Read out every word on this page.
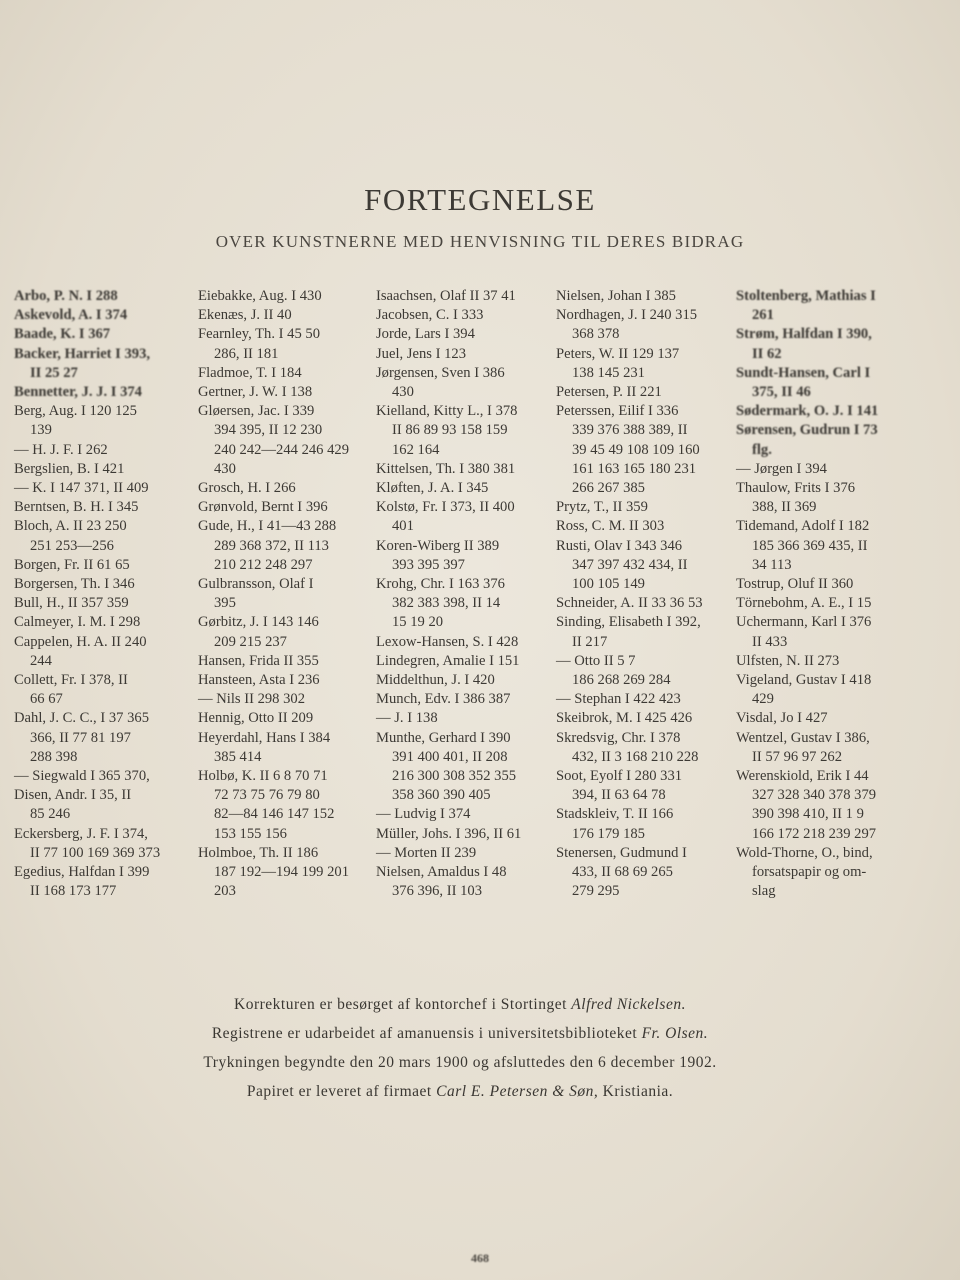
FORTEGNELSE
OVER KUNSTNERNE MED HENVISNING TIL DERES BIDRAG
Arbo, P. N. I 288
Askevold, A. I 374
Baade, K. I 367
Backer, Harriet I 393,
II 25 27
Bennetter, J. J. I 374
Berg, Aug. I 120 125
139
— H. J. F. I 262
Bergslien, B. I 421
— K. I 147 371, II 409
Berntsen, B. H. I 345
Bloch, A. II 23 250
251 253—256
Borgen, Fr. II 61 65
Borgersen, Th. I 346
Bull, H., II 357 359
Calmeyer, I. M. I 298
Cappelen, H. A. II 240
244
Collett, Fr. I 378, II
66 67
Dahl, J. C. C., I 37 365
366, II 77 81 197
288 398
— Siegwald I 365 370,
Disen, Andr. I 35, II
85 246
Eckersberg, J. F. I 374,
II 77 100 169 369 373
Egedius, Halfdan I 399
II 168 173 177
Eiebakke, Aug. I 430
Ekenæs, J. II 40
Fearnley, Th. I 45 50
286, II 181
Fladmoe, T. I 184
Gertner, J. W. I 138
Gløersen, Jac. I 339
394 395, II 12 230
240 242—244 246 429
430
Grosch, H. I 266
Grønvold, Bernt I 396
Gude, H., I 41—43 288
289 368 372, II 113
210 212 248 297
Gulbransson, Olaf I
395
Gørbitz, J. I 143 146
209 215 237
Hansen, Frida II 355
Hansteen, Asta I 236
— Nils II 298 302
Hennig, Otto II 209
Heyerdahl, Hans I 384
385 414
Holbø, K. II 6 8 70 71
72 73 75 76 79 80
82—84 146 147 152
153 155 156
Holmboe, Th. II 186
187 192—194 199 201
203
Isaachsen, Olaf II 37 41
Jacobsen, C. I 333
Jorde, Lars I 394
Juel, Jens I 123
Jørgensen, Sven I 386
430
Kielland, Kitty L., I 378
II 86 89 93 158 159
162 164
Kittelsen, Th. I 380 381
Kløften, J. A. I 345
Kolstø, Fr. I 373, II 400
401
Koren-Wiberg II 389
393 395 397
Krohg, Chr. I 163 376
382 383 398, II 14
15 19 20
Lexow-Hansen, S. I 428
Lindegren, Amalie I 151
Middelthun, J. I 420
Munch, Edv. I 386 387
— J. I 138
Munthe, Gerhard I 390
391 400 401, II 208
216 300 308 352 355
358 360 390 405
— Ludvig I 374
Müller, Johs. I 396, II 61
— Morten II 239
Nielsen, Amaldus I 48
376 396, II 103
Nielsen, Johan I 385
Nordhagen, J. I 240 315
368 378
Peters, W. II 129 137
138 145 231
Petersen, P. II 221
Peterssen, Eilif I 336
339 376 388 389, II
39 45 49 108 109 160
161 163 165 180 231
266 267 385
Prytz, T., II 359
Ross, C. M. II 303
Rusti, Olav I 343 346
347 397 432 434, II
100 105 149
Schneider, A. II 33 36 53
Sinding, Elisabeth I 392,
II 217
— Otto II 5 7
186 268 269 284
— Stephan I 422 423
Skeibrok, M. I 425 426
Skredsvig, Chr. I 378
432, II 3 168 210 228
Soot, Eyolf I 280 331
394, II 63 64 78
Stadskleiv, T. II 166
176 179 185
Stenersen, Gudmund I
433, II 68 69 265
279 295
Stoltenberg, Mathias I
261
Strøm, Halfdan I 390,
II 62
Sundt-Hansen, Carl I
375, II 46
Sødermark, O. J. I 141
Sørensen, Gudrun I 73
flg.
— Jørgen I 394
Thaulow, Frits I 376
388, II 369
Tidemand, Adolf I 182
185 366 369 435, II
34 113
Tostrup, Oluf II 360
Törnebohm, A. E., I 15
Uchermann, Karl I 376
II 433
Ulfsten, N. II 273
Vigeland, Gustav I 418
429
Visdal, Jo I 427
Wentzel, Gustav I 386,
II 57 96 97 262
Werenskiold, Erik I 44
327 328 340 378 379
390 398 410, II 1 9
166 172 218 239 297
Wold-Thorne, O., bind,
forsatspapir og om-
slag

Korrekturen er besørget af kontorchef i Stortinget Alfred Nickelsen.

Registrene er udarbeidet af amanuensis i universitetsbiblioteket Fr. Olsen.

Trykningen begyndte den 20 mars 1900 og afsluttedes den 6 december 1902.

Papiret er leveret af firmaet Carl E. Petersen & Søn, Kristiania.

468
